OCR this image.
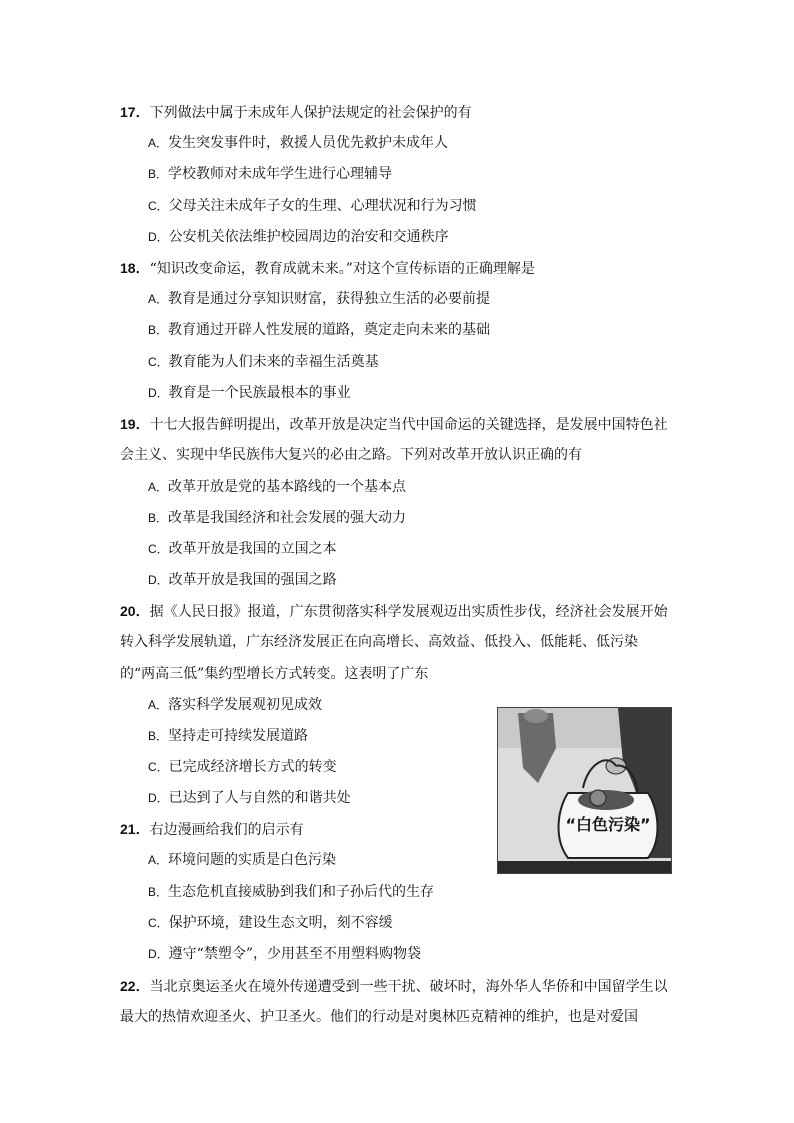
17．下列做法中属于未成年人保护法规定的社会保护的有
A．发生突发事件时，救援人员优先救护未成年人
B．学校教师对未成年学生进行心理辅导
C．父母关注未成年子女的生理、心理状况和行为习惯
D．公安机关依法维护校园周边的治安和交通秩序
18．“知识改变命运，教育成就未来。”对这个宣传标语的正确理解是
A．教育是通过分享知识财富，获得独立生活的必要前提
B．教育通过开辟人性发展的道路，奠定走向未来的基础
C．教育能为人们未来的幸福生活奠基
D．教育是一个民族最根本的事业
19．十七大报告鲜明提出，改革开放是决定当代中国命运的关键选择，是发展中国特色社
会主义、实现中华民族伟大复兴的必由之路。下列对改革开放认识正确的有
A．改革开放是党的基本路线的一个基本点
B．改革是我国经济和社会发展的强大动力
C．改革开放是我国的立国之本
D．改革开放是我国的强国之路
20．据《人民日报》报道，广东贯彻落实科学发展观迈出实质性步伐，经济社会发展开始
转入科学发展轨道，广东经济发展正在向高增长、高效益、低投入、低能耗、低污染
的“两高三低”集约型增长方式转变。这表明了广东
A．落实科学发展观初见成效
B．坚持走可持续发展道路
C．已完成经济增长方式的转变
D．已达到了人与自然的和谐共处
21．右边漫画给我们的启示有
A．环境问题的实质是白色污染
B．生态危机直接威胁到我们和子孙后代的生存
C．保护环境，建设生态文明，刻不容缓
D．遵守“禁塑令”，少用甚至不用塑料购物袋
22．当北京奥运圣火在境外传递遭受到一些干扰、破坏时，海外华人华侨和中国留学生以
最大的热情欢迎圣火、护卫圣火。他们的行动是对奥林匹克精神的维护，也是对爱国
“白色污染”
